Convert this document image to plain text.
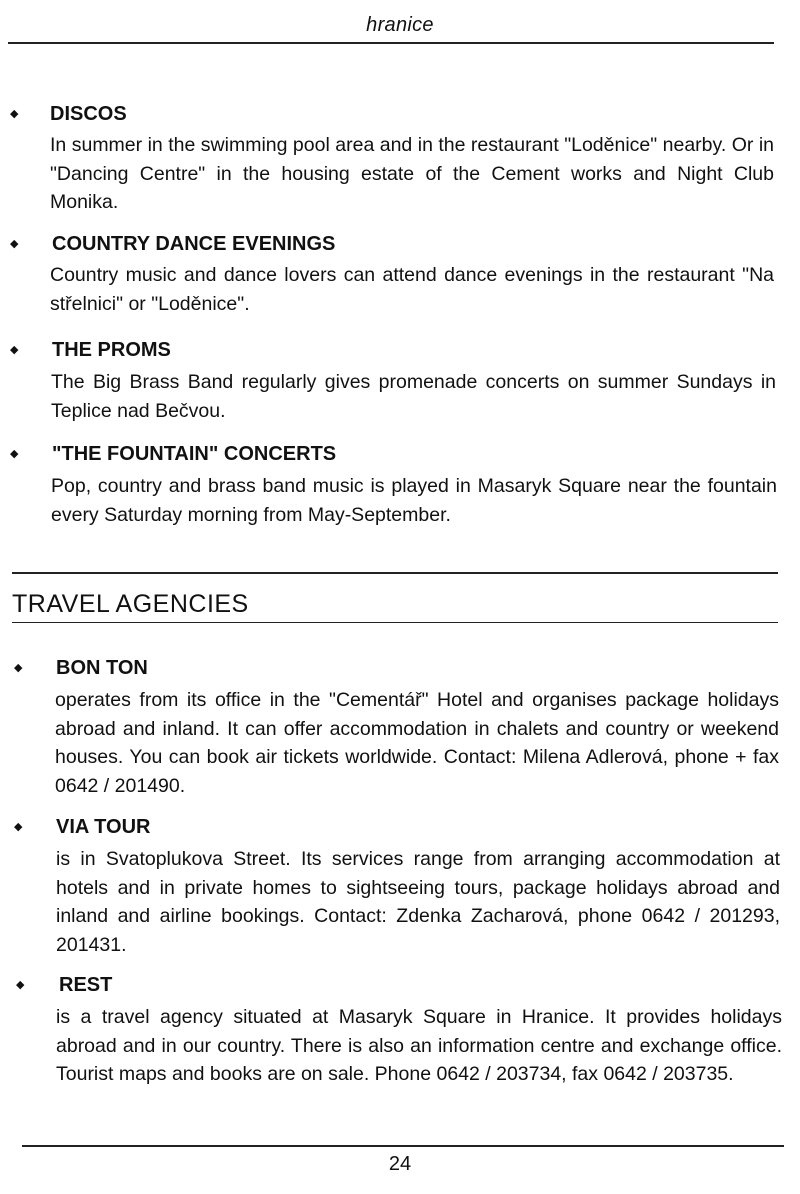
hranice
◆ DISCOS

In summer in the swimming pool area and in the restaurant "Loděnice" nearby. Or in "Dancing Centre" in the housing estate of the Cement works and Night Club Monika.

◆ COUNTRY DANCE EVENINGS

Country music and dance lovers can attend dance evenings in the restaurant "Na střelnici" or "Loděnice".

◆ THE PROMS

The Big Brass Band regularly gives promenade concerts on summer Sundays in Teplice nad Bečvou.

◆ "THE FOUNTAIN" CONCERTS

Pop, country and brass band music is played in Masaryk Square near the fountain every Saturday morning from May-September.

TRAVEL AGENCIES
◆ BON TON

operates from its office in the "Cementář" Hotel and organises package holidays abroad and inland. It can offer accommodation in chalets and country or weekend houses. You can book air tickets worldwide. Contact: Milena Adlerová, phone + fax 0642 / 201490.

◆ VIA TOUR

is in Svatoplukova Street. Its services range from arranging accommodation at hotels and in private homes to sightseeing tours, package holidays abroad and inland and airline bookings. Contact: Zdenka Zacharová, phone 0642 / 201293, 201431.

◆ REST

is a travel agency situated at Masaryk Square in Hranice. It provides holidays abroad and in our country. There is also an information centre and exchange office. Tourist maps and books are on sale. Phone 0642 / 203734, fax 0642 / 203735.

24
